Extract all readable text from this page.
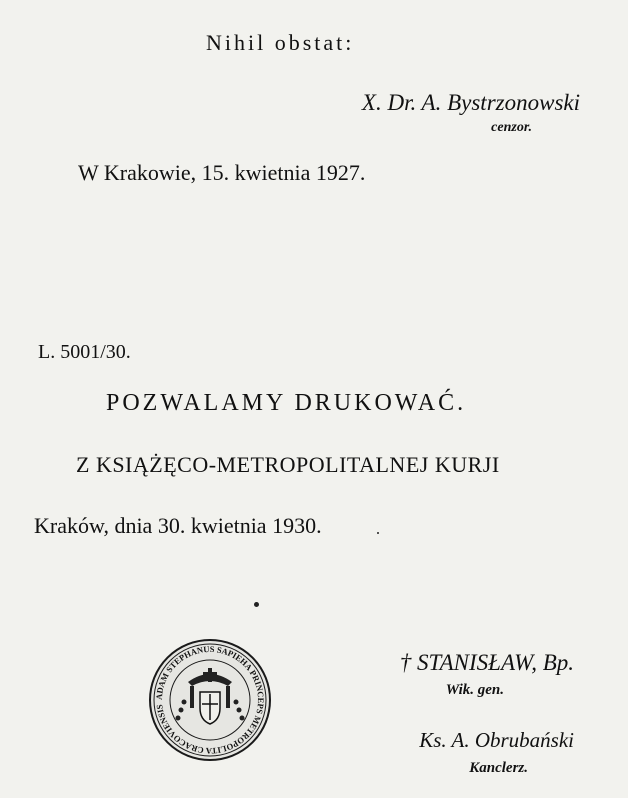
Nihil obstat:
X. Dr. A. Bystrzonowski
cenzor.
W Krakowie, 15. kwietnia 1927.
L. 5001/30.
POZWALAMY DRUKOWAĆ.
Z KSIĄŻĘCO-METROPOLITALNEJ KURJI
Kraków, dnia 30. kwietnia 1930.
ADAM STEPHANUS SAPIEHA PRINCEPS METROPOLITA CRACOVIENSIS
† STANISŁAW, Bp.
Wik. gen.
Ks. A. Obrubański
Kanclerz.
